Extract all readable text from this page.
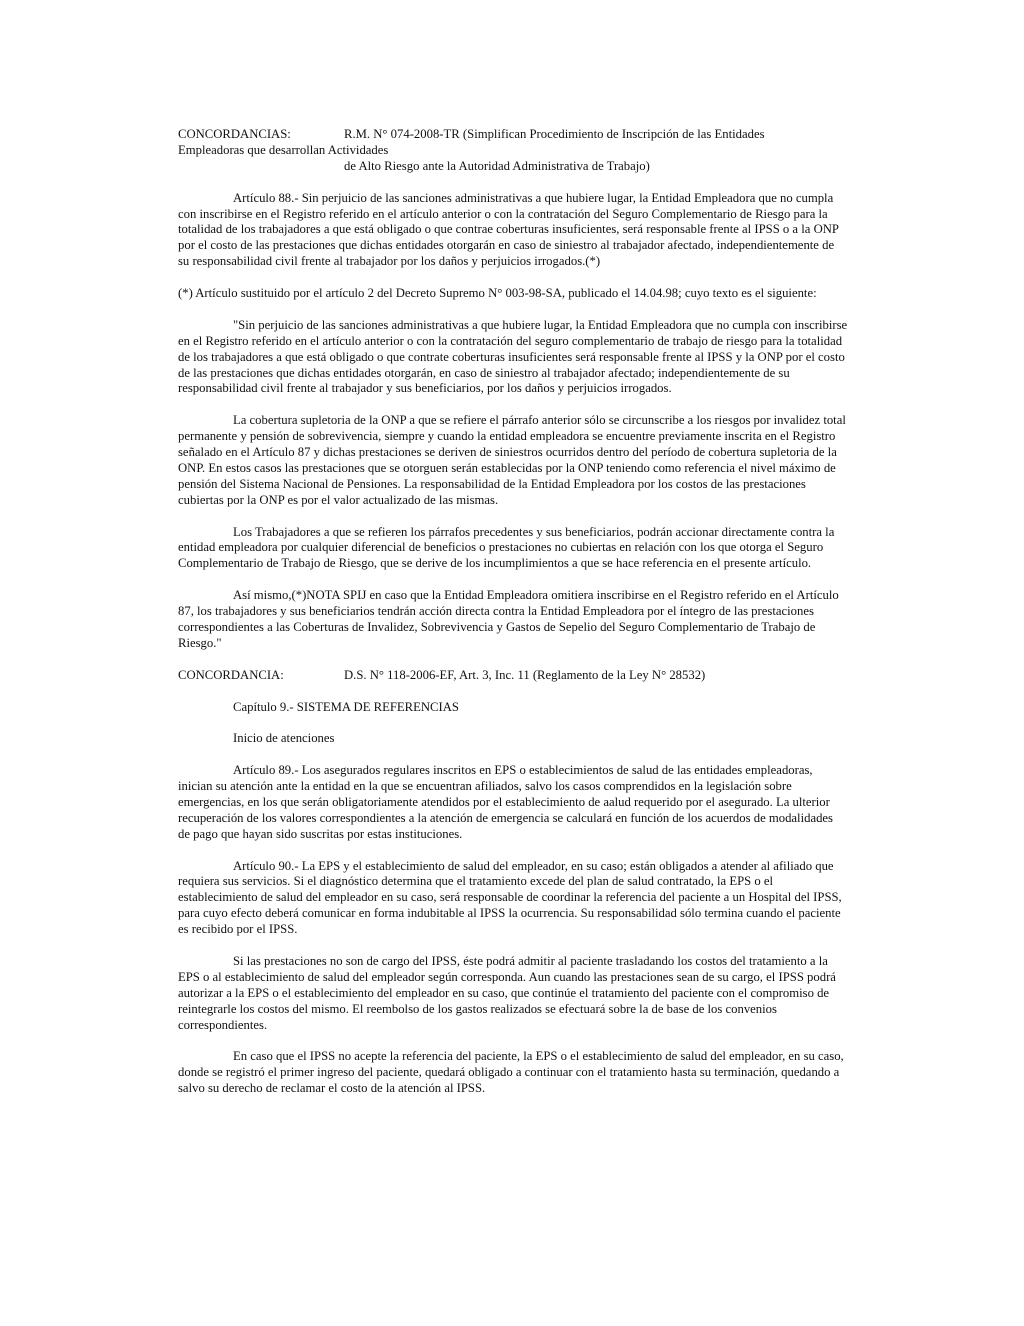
CONCORDANCIAS:	R.M. N° 074-2008-TR (Simplifican Procedimiento de Inscripción de las Entidades
Empleadoras que desarrollan Actividades
de Alto Riesgo ante la Autoridad Administrativa de Trabajo)

Artículo 88.- Sin perjuicio de las sanciones administrativas a que hubiere lugar, la Entidad Empleadora que no cumpla con inscribirse en el Registro referido en el artículo anterior o con la contratación del Seguro Complementario de Riesgo para la totalidad de los trabajadores a que está obligado o que contrae coberturas insuficientes, será responsable frente al IPSS o a la ONP por el costo de las prestaciones que dichas entidades otorgarán en caso de siniestro al trabajador afectado, independientemente de su responsabilidad civil frente al trabajador por los daños y perjuicios irrogados.(*)

(*) Artículo sustituido por el artículo 2 del Decreto Supremo N° 003-98-SA, publicado el 14.04.98; cuyo texto es el siguiente:

"Sin perjuicio de las sanciones administrativas a que hubiere lugar, la Entidad Empleadora que no cumpla con inscribirse en el Registro referido en el artículo anterior o con la contratación del seguro complementario de trabajo de riesgo para la totalidad de los trabajadores a que está obligado o que contrate coberturas insuficientes será responsable frente al IPSS y la ONP por el costo de las prestaciones que dichas entidades otorgarán, en caso de siniestro al trabajador afectado; independientemente de su responsabilidad civil frente al trabajador y sus beneficiarios, por los daños y perjuicios irrogados.

La cobertura supletoria de la ONP a que se refiere el párrafo anterior sólo se circunscribe a los riesgos por invalidez total permanente y pensión de sobrevivencia, siempre y cuando la entidad empleadora se encuentre previamente inscrita en el Registro señalado en el Artículo 87 y dichas prestaciones se deriven de siniestros ocurridos dentro del período de cobertura supletoria de la ONP. En estos casos las prestaciones que se otorguen serán establecidas por la ONP teniendo como referencia el nivel máximo de pensión del Sistema Nacional de Pensiones. La responsabilidad de la Entidad Empleadora por los costos de las prestaciones cubiertas por la ONP es por el valor actualizado de las mismas.

Los Trabajadores a que se refieren los párrafos precedentes y sus beneficiarios, podrán accionar directamente contra la entidad empleadora por cualquier diferencial de beneficios o prestaciones no cubiertas en relación con los que otorga el Seguro Complementario de Trabajo de Riesgo, que se derive de los incumplimientos a que se hace referencia en el presente artículo.

Así mismo,(*)NOTA SPIJ en caso que la Entidad Empleadora omitiera inscribirse en el Registro referido en el Artículo 87, los trabajadores y sus beneficiarios tendrán acción directa contra la Entidad Empleadora por el íntegro de las prestaciones correspondientes a las Coberturas de Invalidez, Sobrevivencia y Gastos de Sepelio del Seguro Complementario de Trabajo de Riesgo."

CONCORDANCIA:	D.S. N° 118-2006-EF, Art. 3, Inc. 11 (Reglamento de la Ley N° 28532)

Capítulo 9.- SISTEMA DE REFERENCIAS

Inicio de atenciones

Artículo 89.- Los asegurados regulares inscritos en EPS o establecimientos de salud de las entidades empleadoras, inician su atención ante la entidad en la que se encuentran afiliados, salvo los casos comprendidos en la legislación sobre emergencias, en los que serán obligatoriamente atendidos por el establecimiento de aalud requerido por el asegurado. La ulterior recuperación de los valores correspondientes a la atención de emergencia se calculará en función de los acuerdos de modalidades de pago que hayan sido suscritas por estas instituciones.

Artículo 90.- La EPS y el establecimiento de salud del empleador, en su caso; están obligados a atender al afiliado que requiera sus servicios. Si el diagnóstico determina que el tratamiento excede del plan de salud contratado, la EPS o el establecimiento de salud del empleador en su caso, será responsable de coordinar la referencia del paciente a un Hospital del IPSS, para cuyo efecto deberá comunicar en forma indubitable al IPSS la ocurrencia. Su responsabilidad sólo termina cuando el paciente es recibido por el IPSS.

Si las prestaciones no son de cargo del IPSS, éste podrá admitir al paciente trasladando los costos del tratamiento a la EPS o al establecimiento de salud del empleador según corresponda. Aun cuando las prestaciones sean de su cargo, el IPSS podrá autorizar a la EPS o el establecimiento del empleador en su caso, que continúe el tratamiento del paciente con el compromiso de reintegrarle los costos del mismo. El reembolso de los gastos realizados se efectuará sobre la de base de los convenios correspondientes.

En caso que el IPSS no acepte la referencia del paciente, la EPS o el establecimiento de salud del empleador, en su caso, donde se registró el primer ingreso del paciente, quedará obligado a continuar con el tratamiento hasta su terminación, quedando a salvo su derecho de reclamar el costo de la atención al IPSS.
